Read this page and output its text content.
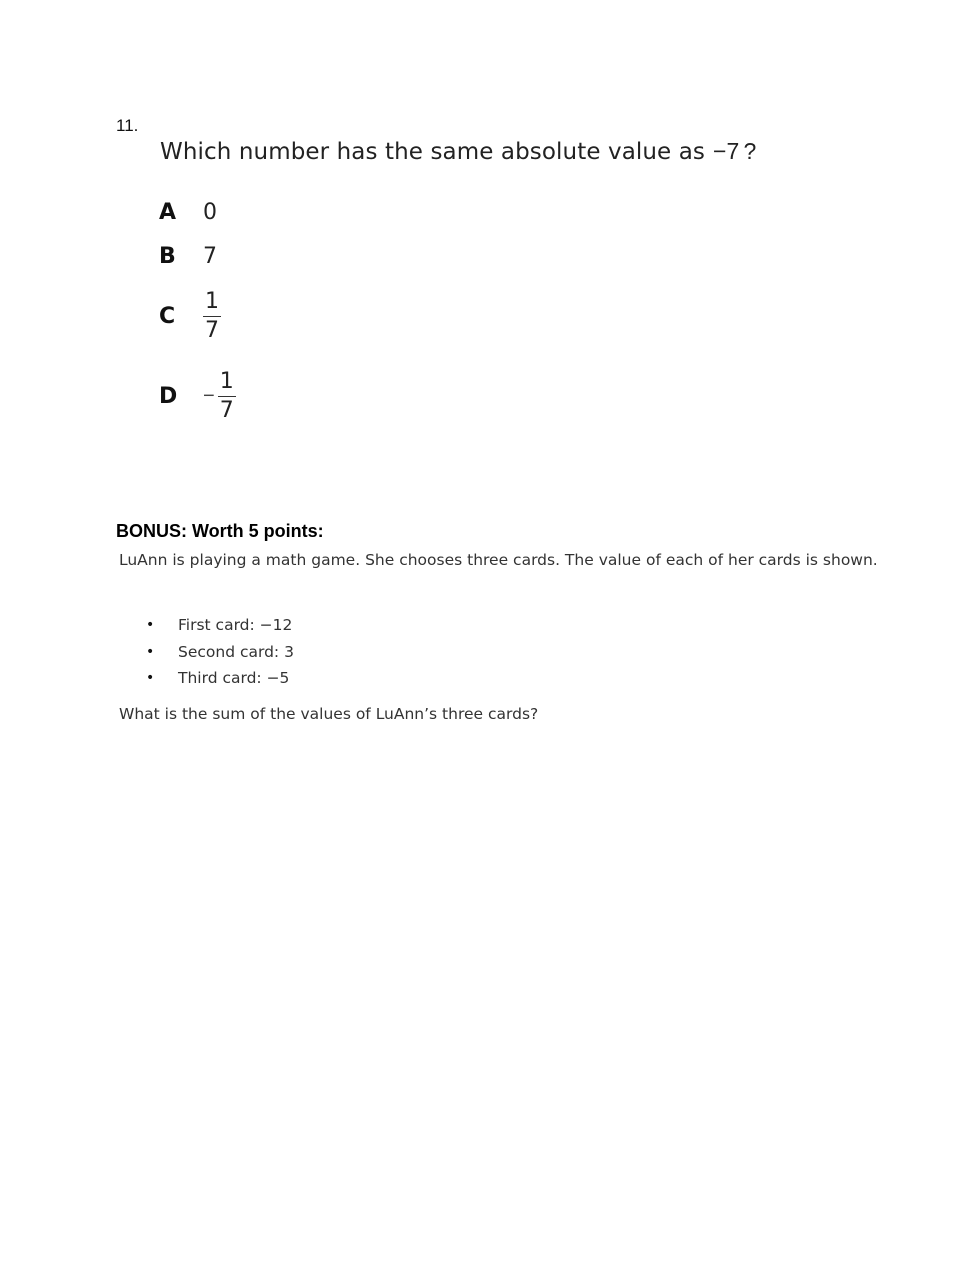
11.
Which number has the same absolute value as −7 ?
A	0
B	7
C	$\frac{1}{7}$
D	− $\frac{1}{7}$
BONUS: Worth 5 points:
LuAnn is playing a math game. She chooses three cards. The value of each of her cards is shown.
•	First card: −12
•	Second card: 3
•	Third card: −5
What is the sum of the values of LuAnn’s three cards?
